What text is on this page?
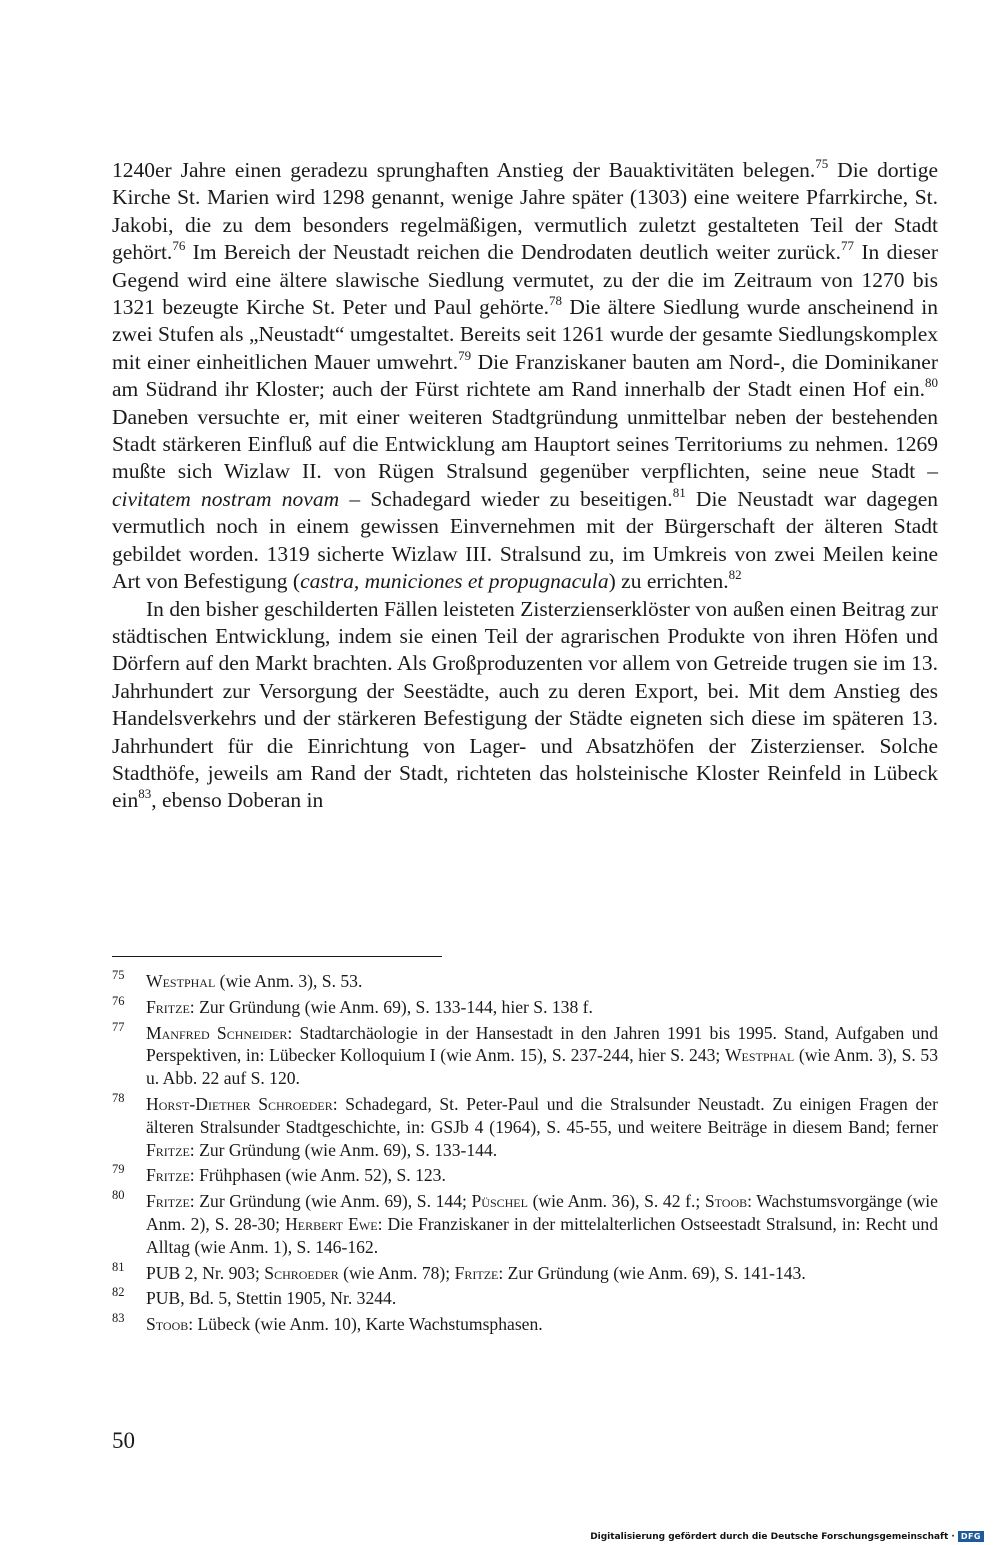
1240er Jahre einen geradezu sprunghaften Anstieg der Bauaktivitäten belegen.$^{75}$ Die dortige Kirche St. Marien wird 1298 genannt, wenige Jahre später (1303) eine weitere Pfarrkirche, St. Jakobi, die zu dem besonders regelmäßigen, vermutlich zuletzt gestalteten Teil der Stadt gehört.$^{76}$ Im Bereich der Neustadt reichen die Dendrodaten deutlich weiter zurück.$^{77}$ In dieser Gegend wird eine ältere slawische Siedlung vermutet, zu der die im Zeitraum von 1270 bis 1321 bezeugte Kirche St. Peter und Paul gehörte.$^{78}$ Die ältere Siedlung wurde anscheinend in zwei Stufen als „Neustadt“ umgestaltet. Bereits seit 1261 wurde der gesamte Siedlungskomplex mit einer einheitlichen Mauer umwehrt.$^{79}$ Die Franziskaner bauten am Nord-, die Dominikaner am Südrand ihr Kloster; auch der Fürst richtete am Rand innerhalb der Stadt einen Hof ein.$^{80}$ Daneben versuchte er, mit einer weiteren Stadtgründung unmittelbar neben der bestehenden Stadt stärkeren Einfluß auf die Entwicklung am Hauptort seines Territoriums zu nehmen. 1269 mußte sich Wizlaw II. von Rügen Stralsund gegenüber verpflichten, seine neue Stadt – civitatem nostram novam – Schadegard wieder zu beseitigen.$^{81}$ Die Neustadt war dagegen vermutlich noch in einem gewissen Einvernehmen mit der Bürgerschaft der älteren Stadt gebildet worden. 1319 sicherte Wizlaw III. Stralsund zu, im Umkreis von zwei Meilen keine Art von Befestigung (castra, municiones et propugnacula) zu errichten.$^{82}$

In den bisher geschilderten Fällen leisteten Zisterzienserklöster von außen einen Beitrag zur städtischen Entwicklung, indem sie einen Teil der agrarischen Produkte von ihren Höfen und Dörfern auf den Markt brachten. Als Großproduzenten vor allem von Getreide trugen sie im 13. Jahrhundert zur Versorgung der Seestädte, auch zu deren Export, bei. Mit dem Anstieg des Handelsverkehrs und der stärkeren Befestigung der Städte eigneten sich diese im späteren 13. Jahrhundert für die Einrichtung von Lager- und Absatzhöfen der Zisterzienser. Solche Stadthöfe, jeweils am Rand der Stadt, richteten das holsteinische Kloster Reinfeld in Lübeck ein$^{83}$, ebenso Doberan in

75 Westphal (wie Anm. 3), S. 53.
76 Fritze: Zur Gründung (wie Anm. 69), S. 133-144, hier S. 138 f.
77 Manfred Schneider: Stadtarchäologie in der Hansestadt in den Jahren 1991 bis 1995. Stand, Aufgaben und Perspektiven, in: Lübecker Kolloquium I (wie Anm. 15), S. 237-244, hier S. 243; Westphal (wie Anm. 3), S. 53 u. Abb. 22 auf S. 120.
78 Horst-Diether Schroeder: Schadegard, St. Peter-Paul und die Stralsunder Neustadt. Zu einigen Fragen der älteren Stralsunder Stadtgeschichte, in: GSJb 4 (1964), S. 45-55, und weitere Beiträge in diesem Band; ferner Fritze: Zur Gründung (wie Anm. 69), S. 133-144.
79 Fritze: Frühphasen (wie Anm. 52), S. 123.
80 Fritze: Zur Gründung (wie Anm. 69), S. 144; Püschel (wie Anm. 36), S. 42 f.; Stoob: Wachstumsvorgänge (wie Anm. 2), S. 28-30; Herbert Ewe: Die Franziskaner in der mittelalterlichen Ostseestadt Stralsund, in: Recht und Alltag (wie Anm. 1), S. 146-162.
81 PUB 2, Nr. 903; Schroeder (wie Anm. 78); Fritze: Zur Gründung (wie Anm. 69), S. 141-143.
82 PUB, Bd. 5, Stettin 1905, Nr. 3244.
83 Stoob: Lübeck (wie Anm. 10), Karte Wachstumsphasen.
50
Digitalisierung gefördert durch die Deutsche Forschungsgemeinschaft · DFG
